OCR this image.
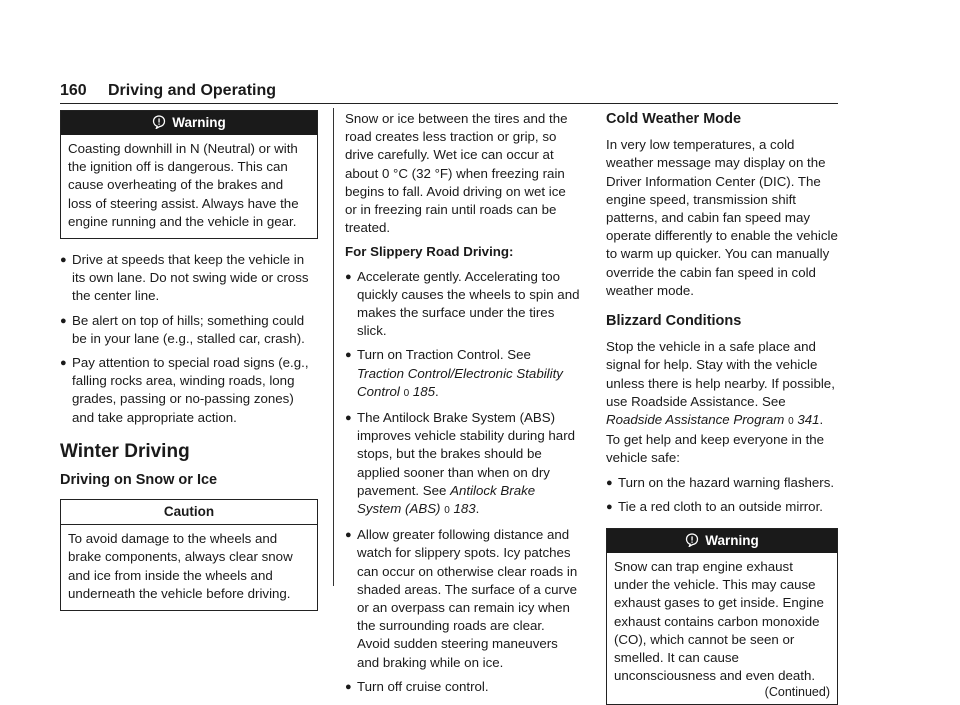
160 Driving and Operating
Warning

Coasting downhill in N (Neutral) or with the ignition off is dangerous. This can cause overheating of the brakes and loss of steering assist. Always have the engine running and the vehicle in gear.

● Drive at speeds that keep the vehicle in its own lane. Do not swing wide or cross the center line.
● Be alert on top of hills; something could be in your lane (e.g., stalled car, crash).
● Pay attention to special road signs (e.g., falling rocks area, winding roads, long grades, passing or no-passing zones) and take appropriate action.
Winter Driving
Driving on Snow or Ice
Caution

To avoid damage to the wheels and brake components, always clear snow and ice from inside the wheels and underneath the vehicle before driving.

Snow or ice between the tires and the road creates less traction or grip, so drive carefully. Wet ice can occur at about 0 °C (32 °F) when freezing rain begins to fall. Avoid driving on wet ice or in freezing rain until roads can be treated.

For Slippery Road Driving:

● Accelerate gently. Accelerating too quickly causes the wheels to spin and makes the surface under the tires slick.
● Turn on Traction Control. See Traction Control/Electronic Stability Control 0 185.
● The Antilock Brake System (ABS) improves vehicle stability during hard stops, but the brakes should be applied sooner than when on dry pavement. See Antilock Brake System (ABS) 0 183.
● Allow greater following distance and watch for slippery spots. Icy patches can occur on otherwise clear roads in shaded areas. The surface of a curve or an overpass can remain icy when the surrounding roads are clear. Avoid sudden steering maneuvers and braking while on ice.
● Turn off cruise control.
Cold Weather Mode

In very low temperatures, a cold weather message may display on the Driver Information Center (DIC). The engine speed, transmission shift patterns, and cabin fan speed may operate differently to enable the vehicle to warm up quicker. You can manually override the cabin fan speed in cold weather mode.

Blizzard Conditions

Stop the vehicle in a safe place and signal for help. Stay with the vehicle unless there is help nearby. If possible, use Roadside Assistance. See Roadside Assistance Program 0 341. To get help and keep everyone in the vehicle safe:

● Turn on the hazard warning flashers.
● Tie a red cloth to an outside mirror.
Warning

Snow can trap engine exhaust under the vehicle. This may cause exhaust gases to get inside. Engine exhaust contains carbon monoxide (CO), which cannot be seen or smelled. It can cause unconsciousness and even death.

(Continued)
